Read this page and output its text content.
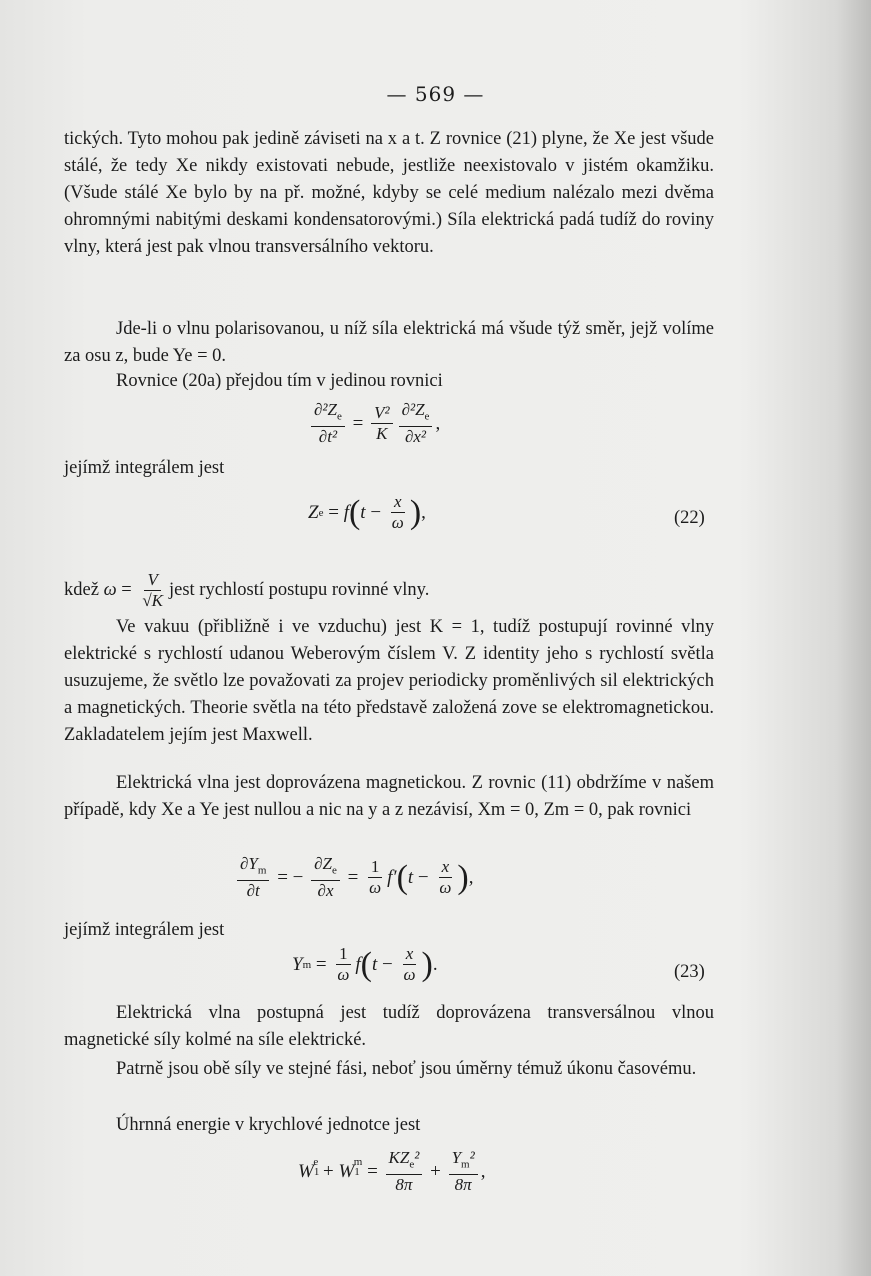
— 569 —
tických. Tyto mohou pak jedině záviseti na x a t. Z rovnice (21) plyne, že Xe jest všude stálé, že tedy Xe nikdy existovati nebude, jestliže neexistovalo v jistém okamžiku. (Všude stálé Xe bylo by na př. možné, kdyby se celé medium nalézalo mezi dvěma ohromnými nabitými deskami kondensatorovými.) Síla elektrická padá tudíž do roviny vlny, která jest pak vlnou transversálního vektoru.
Jde-li o vlnu polarisovanou, u níž síla elektrická má všude týž směr, jejž volíme za osu z, bude Ye = 0.
Rovnice (20a) přejdou tím v jedinou rovnici
$\frac{\partial^2Z_e}{\text{∂t²}} = \frac{\text{V²}}{K} \frac{\partial^2Z_e}{\text{∂x²}}$ ,
jejímž integrálem jest
Z e = f ( $t - \frac{x}{\omega}$ ) ,	(22)
kdež $\omega = \frac{V}{√K}$ jest rychlostí postupu rovinné vlny.
Ve vakuu (přibližně i ve vzduchu) jest K = 1, tudíž postupují rovinné vlny elektrické s rychlostí udanou Weberovým číslem V. Z identity jeho s rychlostí světla usuzujeme, že světlo lze považovati za projev periodicky proměnlivých sil elektrických a magnetických. Theorie světla na této představě založená zove se elektromagnetickou. Zakladatelem jejím jest Maxwell.
Elektrická vlna jest doprovázena magnetickou. Z rovnic (11) obdržíme v našem případě, kdy Xe a Ye jest nullou a nic na y a z nezávisí, Xm = 0, Zm = 0, pak rovnici
$\frac{\partial Y_m}{\partial t}$ = − $\frac{\partial Z_e}{\partial x} = \frac{1}{\omega} f'$ ( $t - \frac{x}{\omega}$ ) ,
jejímž integrálem jest
Y $m = \frac{1}{\omega}$ f ( $t - \frac{x}{\omega}$ ) .	(23)
Elektrická vlna postupná jest tudíž doprovázena transversálnou vlnou magnetické síly kolmé na síle elektrické.
Patrně jsou obě síly ve stejné fási, neboť jsou úměrny témuž úkonu časovému.
Úhrnná energie v krychlové jednotce jest
W 1
$^e$ + W 1
$^m = \frac{KZ_e^2}{8\pi} + \frac{Y_m^2}{8\pi}$ ,
